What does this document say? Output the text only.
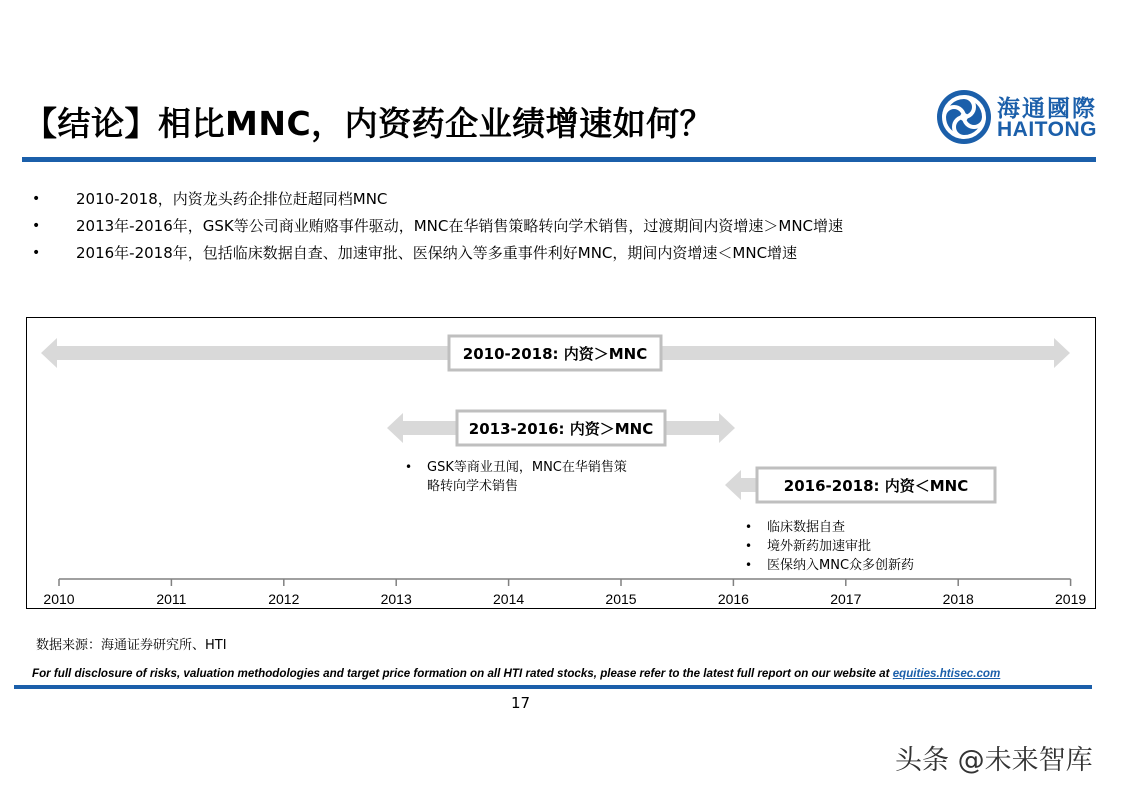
【结论】相比MNC，内资药企业绩增速如何？	海通國際
HAITONG
• 2010-2018，内资龙头药企排位赶超同档MNC
• 2013年-2016年，GSK等公司商业贿赂事件驱动，MNC在华销售策略转向学术销售，过渡期间内资增速＞MNC增速
• 2016年-2018年，包括临床数据自查、加速审批、医保纳入等多重事件利好MNC，期间内资增速＜MNC增速
2010	2011	2012	2013	2014	2015	2016	2017	2018	2019
2010-2018: 内资＞MNC
2013-2016: 内资＞MNC
2016-2018: 内资＜MNC
• GSK等商业丑闻，MNC在华销售策
略转向学术销售
• 临床数据自查
• 境外新药加速审批
• 医保纳入MNC众多创新药
数据来源：海通证券研究所、HTI
For full disclosure of risks, valuation methodologies and target price formation on all HTI rated stocks, please refer to the latest full report on our website at equities.htisec.com
17
头条 @未来智库
